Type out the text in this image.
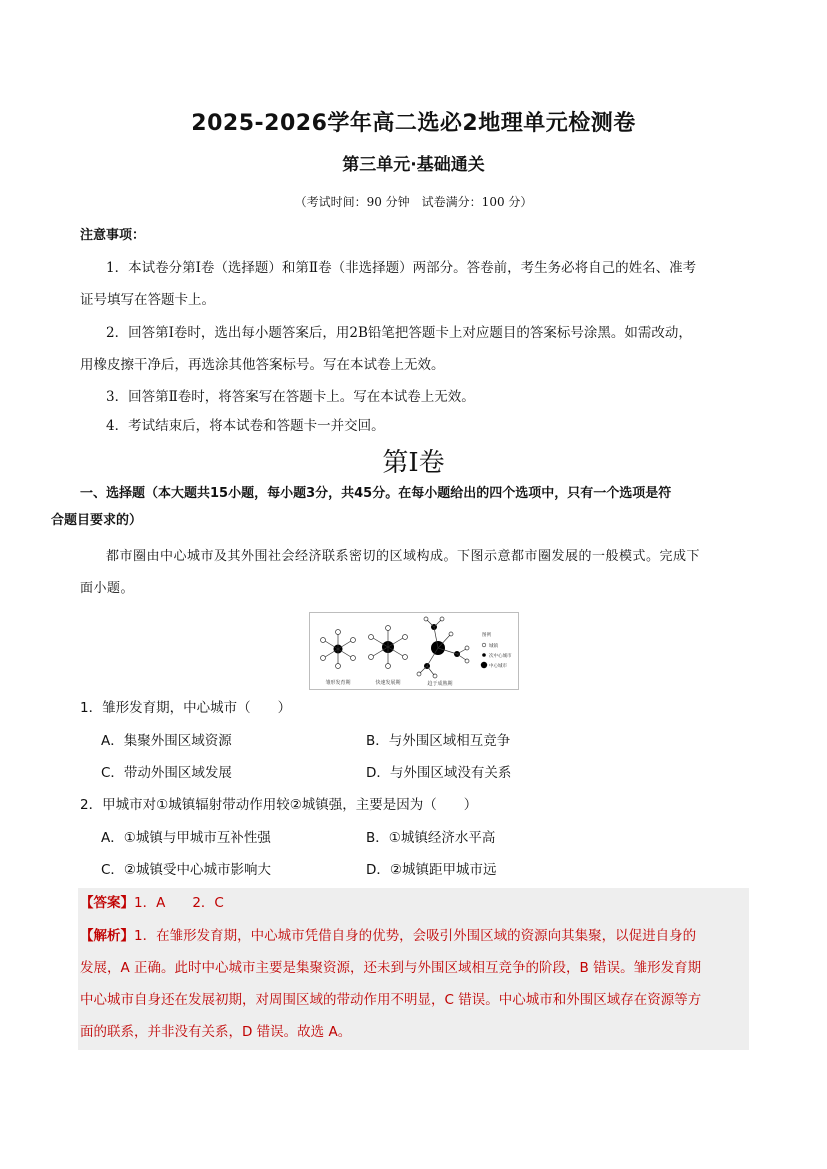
2025-2026学年高二选必2地理单元检测卷
第三单元·基础通关
（考试时间：90 分钟　试卷满分：100 分）
注意事项：
1．本试卷分第Ⅰ卷（选择题）和第Ⅱ卷（非选择题）两部分。答卷前，考生务必将自己的姓名、准考
证号填写在答题卡上。
2．回答第Ⅰ卷时，选出每小题答案后，用2B铅笔把答题卡上对应题目的答案标号涂黑。如需改动，
用橡皮擦干净后，再选涂其他答案标号。写在本试卷上无效。
3．回答第Ⅱ卷时，将答案写在答题卡上。写在本试卷上无效。
4．考试结束后，将本试卷和答题卡一并交回。
第Ⅰ卷
一、选择题（本大题共15小题，每小题3分，共45分。在每小题给出的四个选项中，只有一个选项是符
合题目要求的）
都市圈由中心城市及其外围社会经济联系密切的区域构成。下图示意都市圈发展的一般模式。完成下
面小题。
雏形发育期	快速发展期	趋于成熟期
图例
城镇
次中心城市
中心城市
1．雏形发育期，中心城市（　　）
A．集聚外围区域资源	B．与外围区域相互竞争
C．带动外围区域发展	D．与外围区域没有关系
2．甲城市对①城镇辐射带动作用较②城镇强，主要是因为（　　）
A．①城镇与甲城市互补性强	B．①城镇经济水平高
C．②城镇受中心城市影响大	D．②城镇距甲城市远
【答案】1．A　　2．C
【解析】1．在雏形发育期，中心城市凭借自身的优势，会吸引外围区域的资源向其集聚，以促进自身的
发展，A 正确。此时中心城市主要是集聚资源，还未到与外围区域相互竞争的阶段，B 错误。雏形发育期
中心城市自身还在发展初期，对周围区域的带动作用不明显，C 错误。中心城市和外围区域存在资源等方
面的联系，并非没有关系，D 错误。故选 A。
